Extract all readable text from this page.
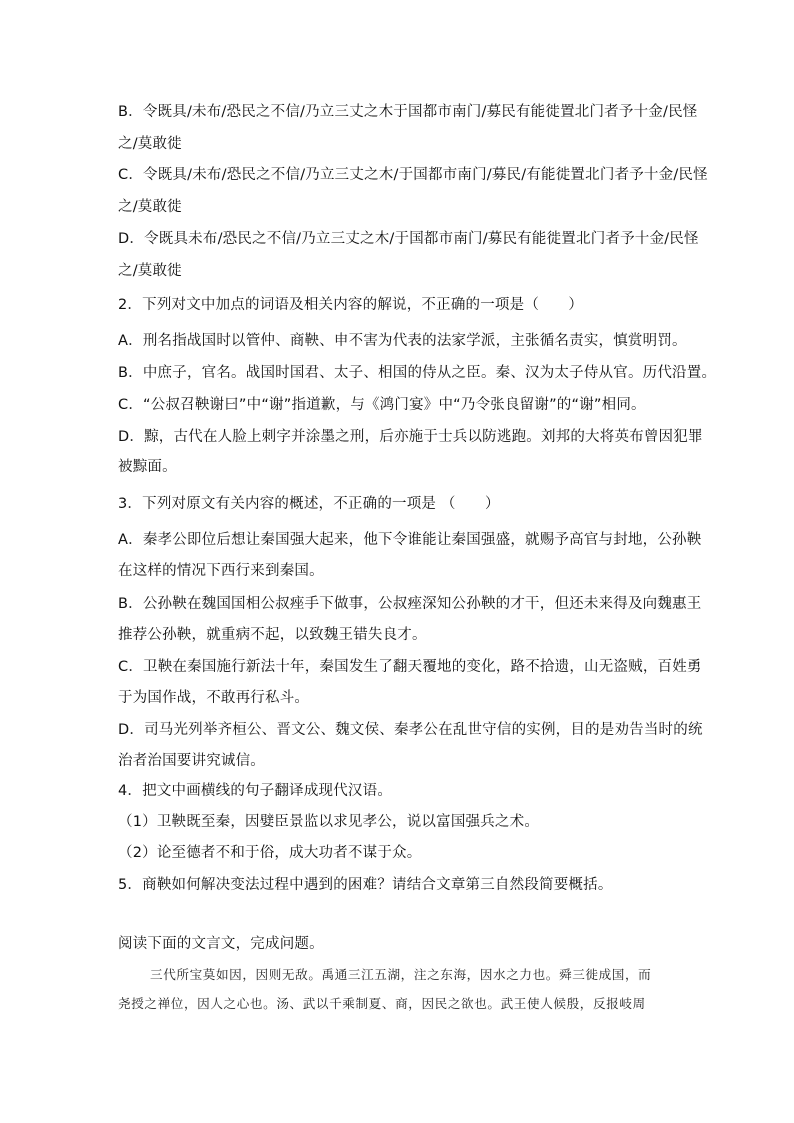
B．令既具/未布/恐民之不信/乃立三丈之木于国都市南门/募民有能徙置北门者予十金/民怪
之/莫敢徙
C．令既具/未布/恐民之不信/乃立三丈之木/于国都市南门/募民/有能徙置北门者予十金/民怪
之/莫敢徙
D．令既具未布/恐民之不信/乃立三丈之木/于国都市南门/募民有能徙置北门者予十金/民怪
之/莫敢徙
2．下列对文中加点的词语及相关内容的解说，不正确的一项是（　　）
A．刑名指战国时以管仲、商鞅、申不害为代表的法家学派，主张循名责实，慎赏明罚。
B．中庶子，官名。战国时国君、太子、相国的侍从之臣。秦、汉为太子侍从官。历代沿置。
C．“公叔召鞅谢曰”中“谢”指道歉，与《鸿门宴》中“乃令张良留谢”的“谢”相同。
D．黥，古代在人脸上刺字并涂墨之刑，后亦施于士兵以防逃跑。刘邦的大将英布曾因犯罪
被黥面。
3．下列对原文有关内容的概述，不正确的一项是 （　　）
A．秦孝公即位后想让秦国强大起来，他下令谁能让秦国强盛，就赐予高官与封地，公孙鞅
在这样的情况下西行来到秦国。
B．公孙鞅在魏国国相公叔痤手下做事，公叔痤深知公孙鞅的才干，但还未来得及向魏惠王
推荐公孙鞅，就重病不起，以致魏王错失良才。
C．卫鞅在秦国施行新法十年，秦国发生了翻天覆地的变化，路不拾遗，山无盗贼，百姓勇
于为国作战，不敢再行私斗。
D．司马光列举齐桓公、晋文公、魏文侯、秦孝公在乱世守信的实例，目的是劝告当时的统
治者治国要讲究诚信。
4．把文中画横线的句子翻译成现代汉语。
（1）卫鞅既至秦，因嬖臣景监以求见孝公，说以富国强兵之术。
（2）论至德者不和于俗，成大功者不谋于众。
5．商鞅如何解决变法过程中遇到的困难？请结合文章第三自然段简要概括。
阅读下面的文言文，完成问题。
三代所宝莫如因，因则无敌。禹通三江五湖，注之东海，因水之力也。舜三徙成国，而
尧授之禅位，因人之心也。汤、武以千乘制夏、商，因民之欲也。武王使人候殷，反报岐周
